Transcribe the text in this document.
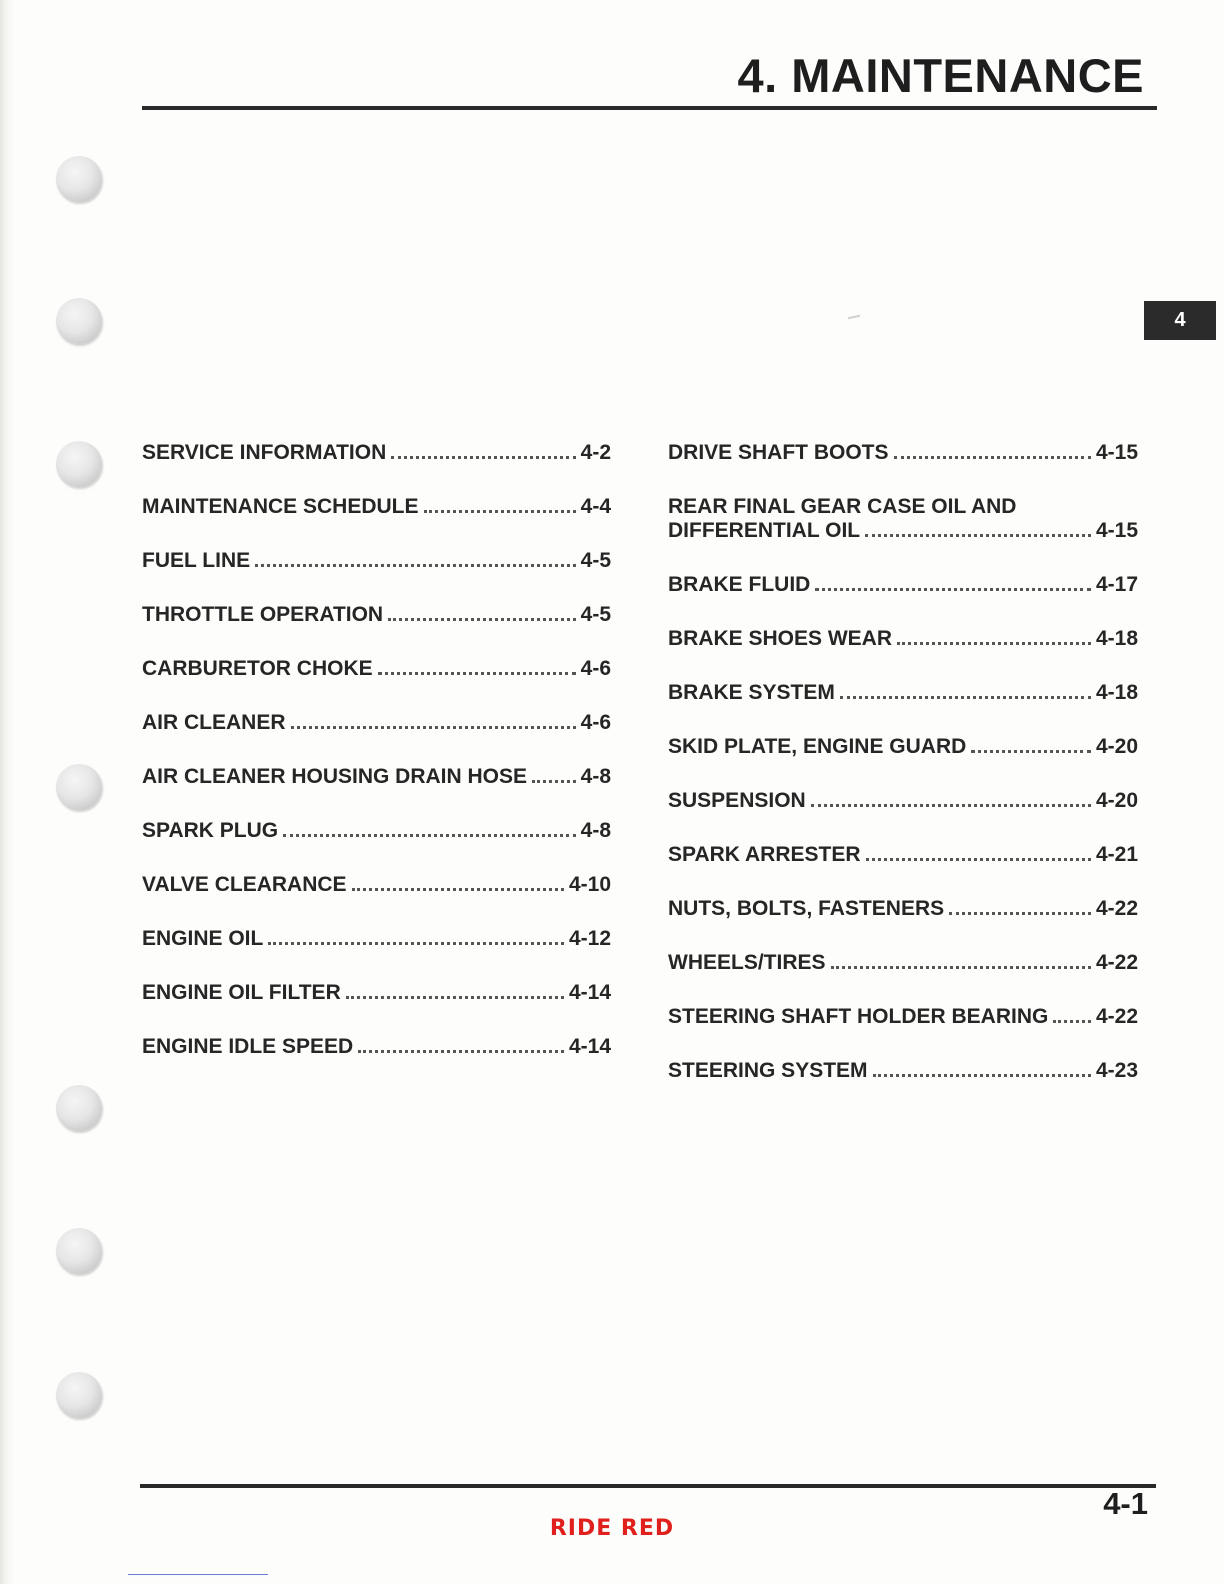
4. MAINTENANCE
4
SERVICE INFORMATION	4-2
MAINTENANCE SCHEDULE	4-4
FUEL LINE	4-5
THROTTLE OPERATION	4-5
CARBURETOR CHOKE	4-6
AIR CLEANER	4-6
AIR CLEANER HOUSING DRAIN HOSE	4-8
SPARK PLUG	4-8
VALVE CLEARANCE	4-10
ENGINE OIL	4-12
ENGINE OIL FILTER	4-14
ENGINE IDLE SPEED	4-14
DRIVE SHAFT BOOTS	4-15
REAR FINAL GEAR CASE OIL AND
DIFFERENTIAL OIL	4-15
BRAKE FLUID	4-17
BRAKE SHOES WEAR	4-18
BRAKE SYSTEM	4-18
SKID PLATE, ENGINE GUARD	4-20
SUSPENSION	4-20
SPARK ARRESTER	4-21
NUTS, BOLTS, FASTENERS	4-22
WHEELS/TIRES	4-22
STEERING SHAFT HOLDER BEARING 4-22
STEERING SYSTEM	4-23

4-1

RIDE RED
